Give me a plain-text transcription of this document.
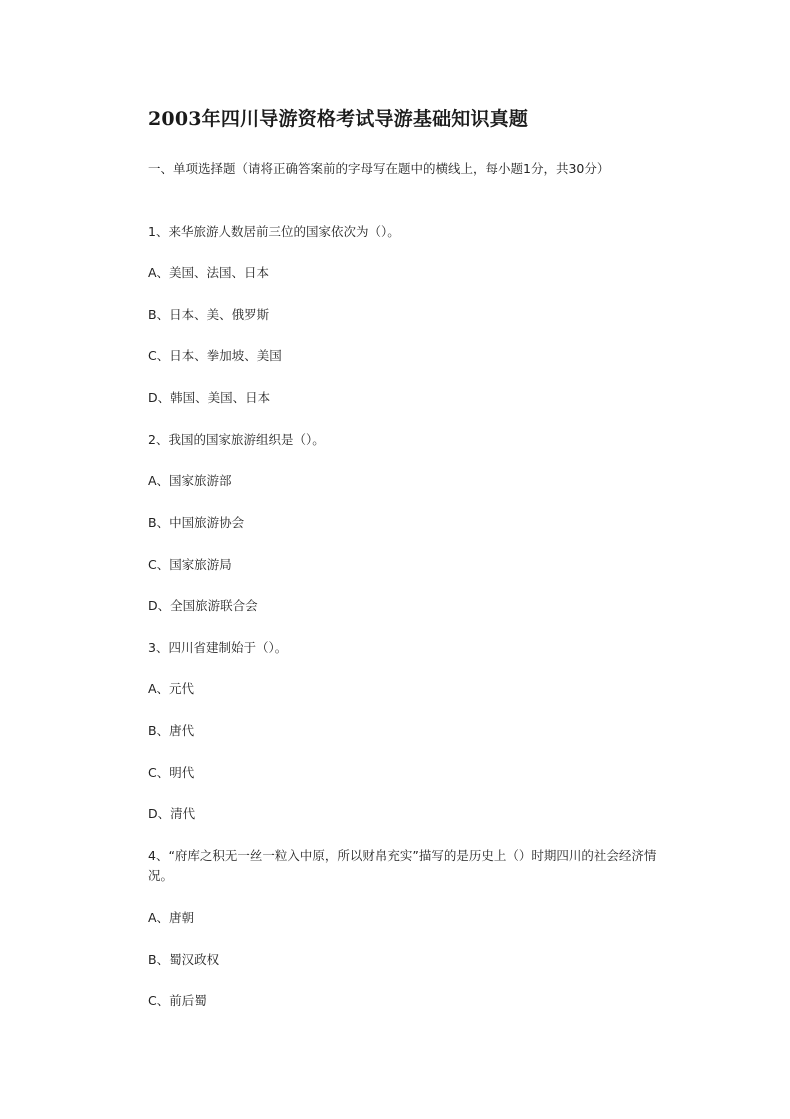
2003年四川导游资格考试导游基础知识真题
一、单项选择题（请将正确答案前的字母写在题中的横线上，每小题1分，共30分）
1、来华旅游人数居前三位的国家依次为（）。
A、美国、法国、日本
B、日本、美、俄罗斯
C、日本、拳加坡、美国
D、韩国、美国、日本
2、我国的国家旅游组织是（）。
A、国家旅游部
B、中国旅游协会
C、国家旅游局
D、全国旅游联合会
3、四川省建制始于（）。
A、元代
B、唐代
C、明代
D、清代
4、“府库之积无一丝一粒入中原，所以财帛充实”描写的是历史上（）时期四川的社会经济情况。
A、唐朝
B、蜀汉政权
C、前后蜀
